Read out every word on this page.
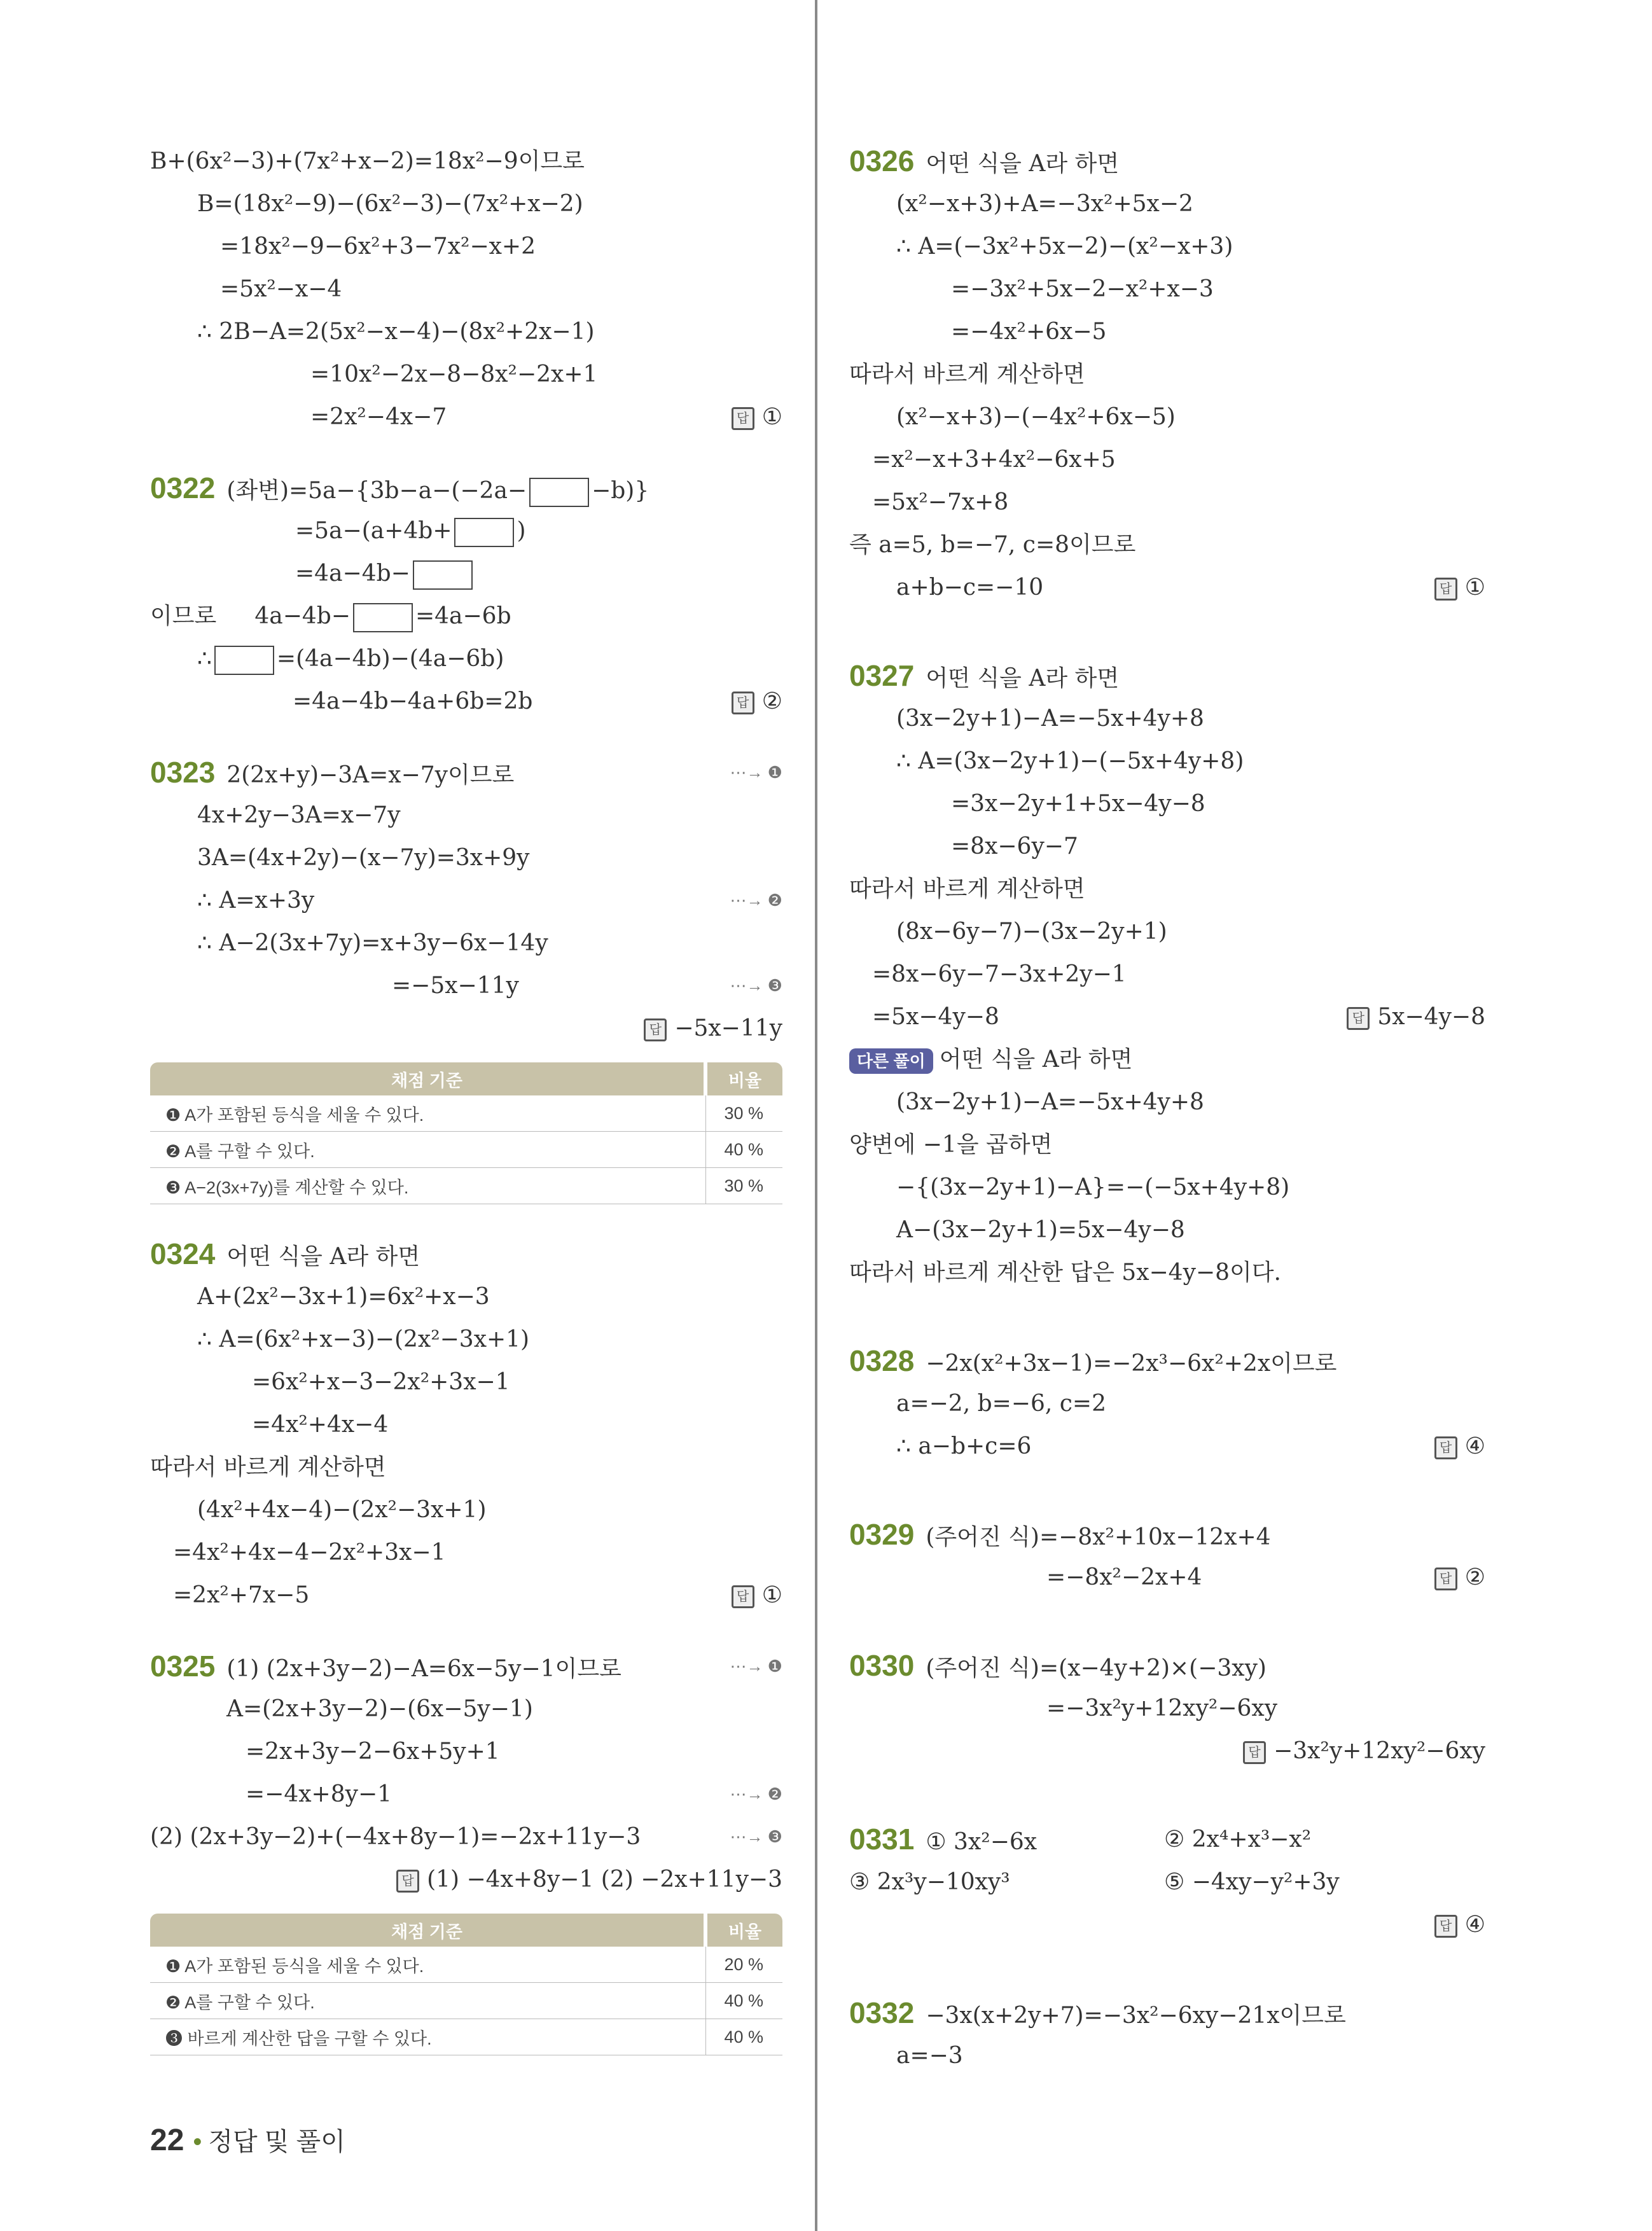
B+(6x²−3)+(7x²+x−2)=18x²−9이므로
B=(18x²−9)−(6x²−3)−(7x²+x−2)
=18x²−9−6x²+3−7x²−x+2
=5x²−x−4
∴ 2B−A=2(5x²−x−4)−(8x²+2x−1)
=10x²−2x−8−8x²−2x+1
=2x²−4x−7	답 ①
0322 (좌변)=5a−{3b−a−(−2a−	−b)}
=5a−(a+4b+	)
=4a−4b−
이므로 4a−4b−	=4a−6b
∴	=(4a−4b)−(4a−6b)
=4a−4b−4a+6b=2b	답 ②
0323 2(2x+y)−3A=x−7y이므로	⋯→ ❶
4x+2y−3A=x−7y
3A=(4x+2y)−(x−7y)=3x+9y
∴ A=x+3y	⋯→ ❷
∴ A−2(3x+7y)=x+3y−6x−14y
=−5x−11y	⋯→ ❸
답 −5x−11y
채점 기준	비율
❶ A가 포함된 등식을 세울 수 있다.	30 %
❷ A를 구할 수 있다.	40 %
❸ A−2(3x+7y)를 계산할 수 있다.	30 %
0324 어떤 식을 A라 하면
A+(2x²−3x+1)=6x²+x−3
∴ A=(6x²+x−3)−(2x²−3x+1)
=6x²+x−3−2x²+3x−1
=4x²+4x−4
따라서 바르게 계산하면
(4x²+4x−4)−(2x²−3x+1)
=4x²+4x−4−2x²+3x−1
=2x²+7x−5	답 ①
0325 (1) (2x+3y−2)−A=6x−5y−1이므로	⋯→ ❶
A=(2x+3y−2)−(6x−5y−1)
=2x+3y−2−6x+5y+1
=−4x+8y−1	⋯→ ❷
(2) (2x+3y−2)+(−4x+8y−1)=−2x+11y−3	⋯→ ❸
답 (1) −4x+8y−1 (2) −2x+11y−3
채점 기준	비율
❶ A가 포함된 등식을 세울 수 있다.	20 %
❷ A를 구할 수 있다.	40 %
❸ 바르게 계산한 답을 구할 수 있다.	40 %
0326 어떤 식을 A라 하면
(x²−x+3)+A=−3x²+5x−2
∴ A=(−3x²+5x−2)−(x²−x+3)
=−3x²+5x−2−x²+x−3
=−4x²+6x−5
따라서 바르게 계산하면
(x²−x+3)−(−4x²+6x−5)
=x²−x+3+4x²−6x+5
=5x²−7x+8
즉 a=5, b=−7, c=8이므로
a+b−c=−10	답 ①
0327 어떤 식을 A라 하면
(3x−2y+1)−A=−5x+4y+8
∴ A=(3x−2y+1)−(−5x+4y+8)
=3x−2y+1+5x−4y−8
=8x−6y−7
따라서 바르게 계산하면
(8x−6y−7)−(3x−2y+1)
=8x−6y−7−3x+2y−1
=5x−4y−8	답 5x−4y−8
다른 풀이 어떤 식을 A라 하면
(3x−2y+1)−A=−5x+4y+8
양변에 −1을 곱하면
−{(3x−2y+1)−A}=−(−5x+4y+8)
A−(3x−2y+1)=5x−4y−8
따라서 바르게 계산한 답은 5x−4y−8이다.
0328 −2x(x²+3x−1)=−2x³−6x²+2x이므로
a=−2, b=−6, c=2
∴ a−b+c=6	답 ④
0329 (주어진 식)=−8x²+10x−12x+4
=−8x²−2x+4	답 ②
0330 (주어진 식)=(x−4y+2)×(−3xy)
=−3x²y+12xy²−6xy
답 −3x²y+12xy²−6xy
0331 ① 3x²−6x	② 2x⁴+x³−x²
③ 2x³y−10xy³	⑤ −4xy−y²+3y
답 ④
0332 −3x(x+2y+7)=−3x²−6xy−21x이므로
a=−3
22 • 정답 및 풀이
